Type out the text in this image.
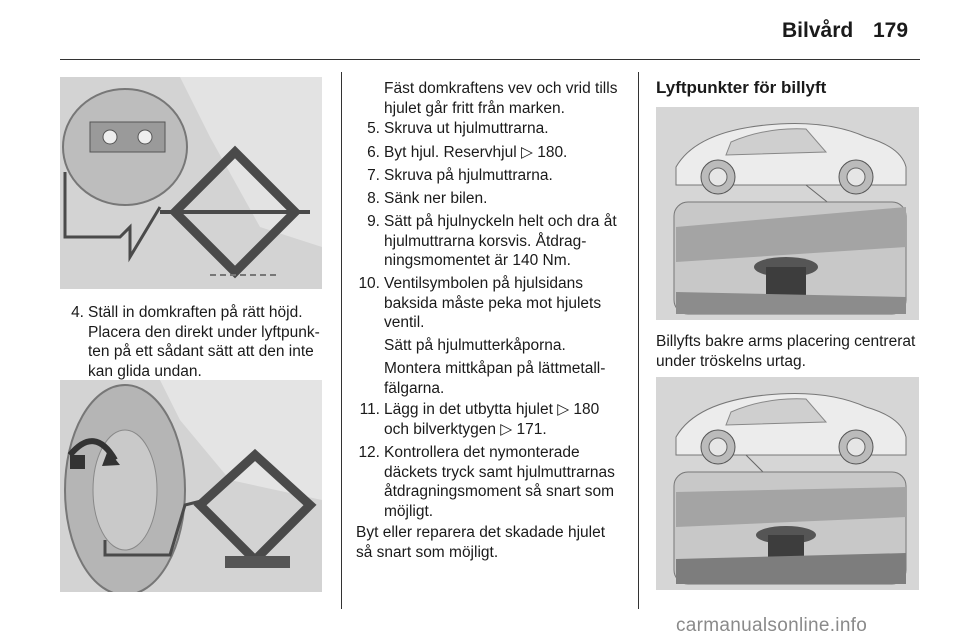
Bilvård 179
4. Ställ in domkraften på rätt höjd.
Placera den direkt under lyftpunk-
ten på ett sådant sätt att den inte
kan glida undan.
Fäst domkraftens vev och vrid tills
hjulet går fritt från marken.
5. Skruva ut hjulmuttrarna.
6. Byt hjul. Reservhjul ▷ 180.
7. Skruva på hjulmuttrarna.
8. Sänk ner bilen.
9. Sätt på hjulnyckeln helt och dra åt
hjulmuttrarna korsvis. Åtdrag-
ningsmomentet är 140 Nm.
10. Ventilsymbolen på hjulsidans
baksida måste peka mot hjulets
ventil.
Sätt på hjulmutterkåporna.
Montera mittkåpan på lättmetall-
fälgarna.
11. Lägg in det utbytta hjulet ▷ 180
och bilverktygen ▷ 171.
12. Kontrollera det nymonterade
däckets tryck samt hjulmuttrarnas
åtdragningsmoment så snart som
möjligt.
Byt eller reparera det skadade hjulet
så snart som möjligt.
Lyftpunkter för billyft
Billyfts bakre arms placering centrerat
under tröskelns urtag.
carmanualsonline.info
